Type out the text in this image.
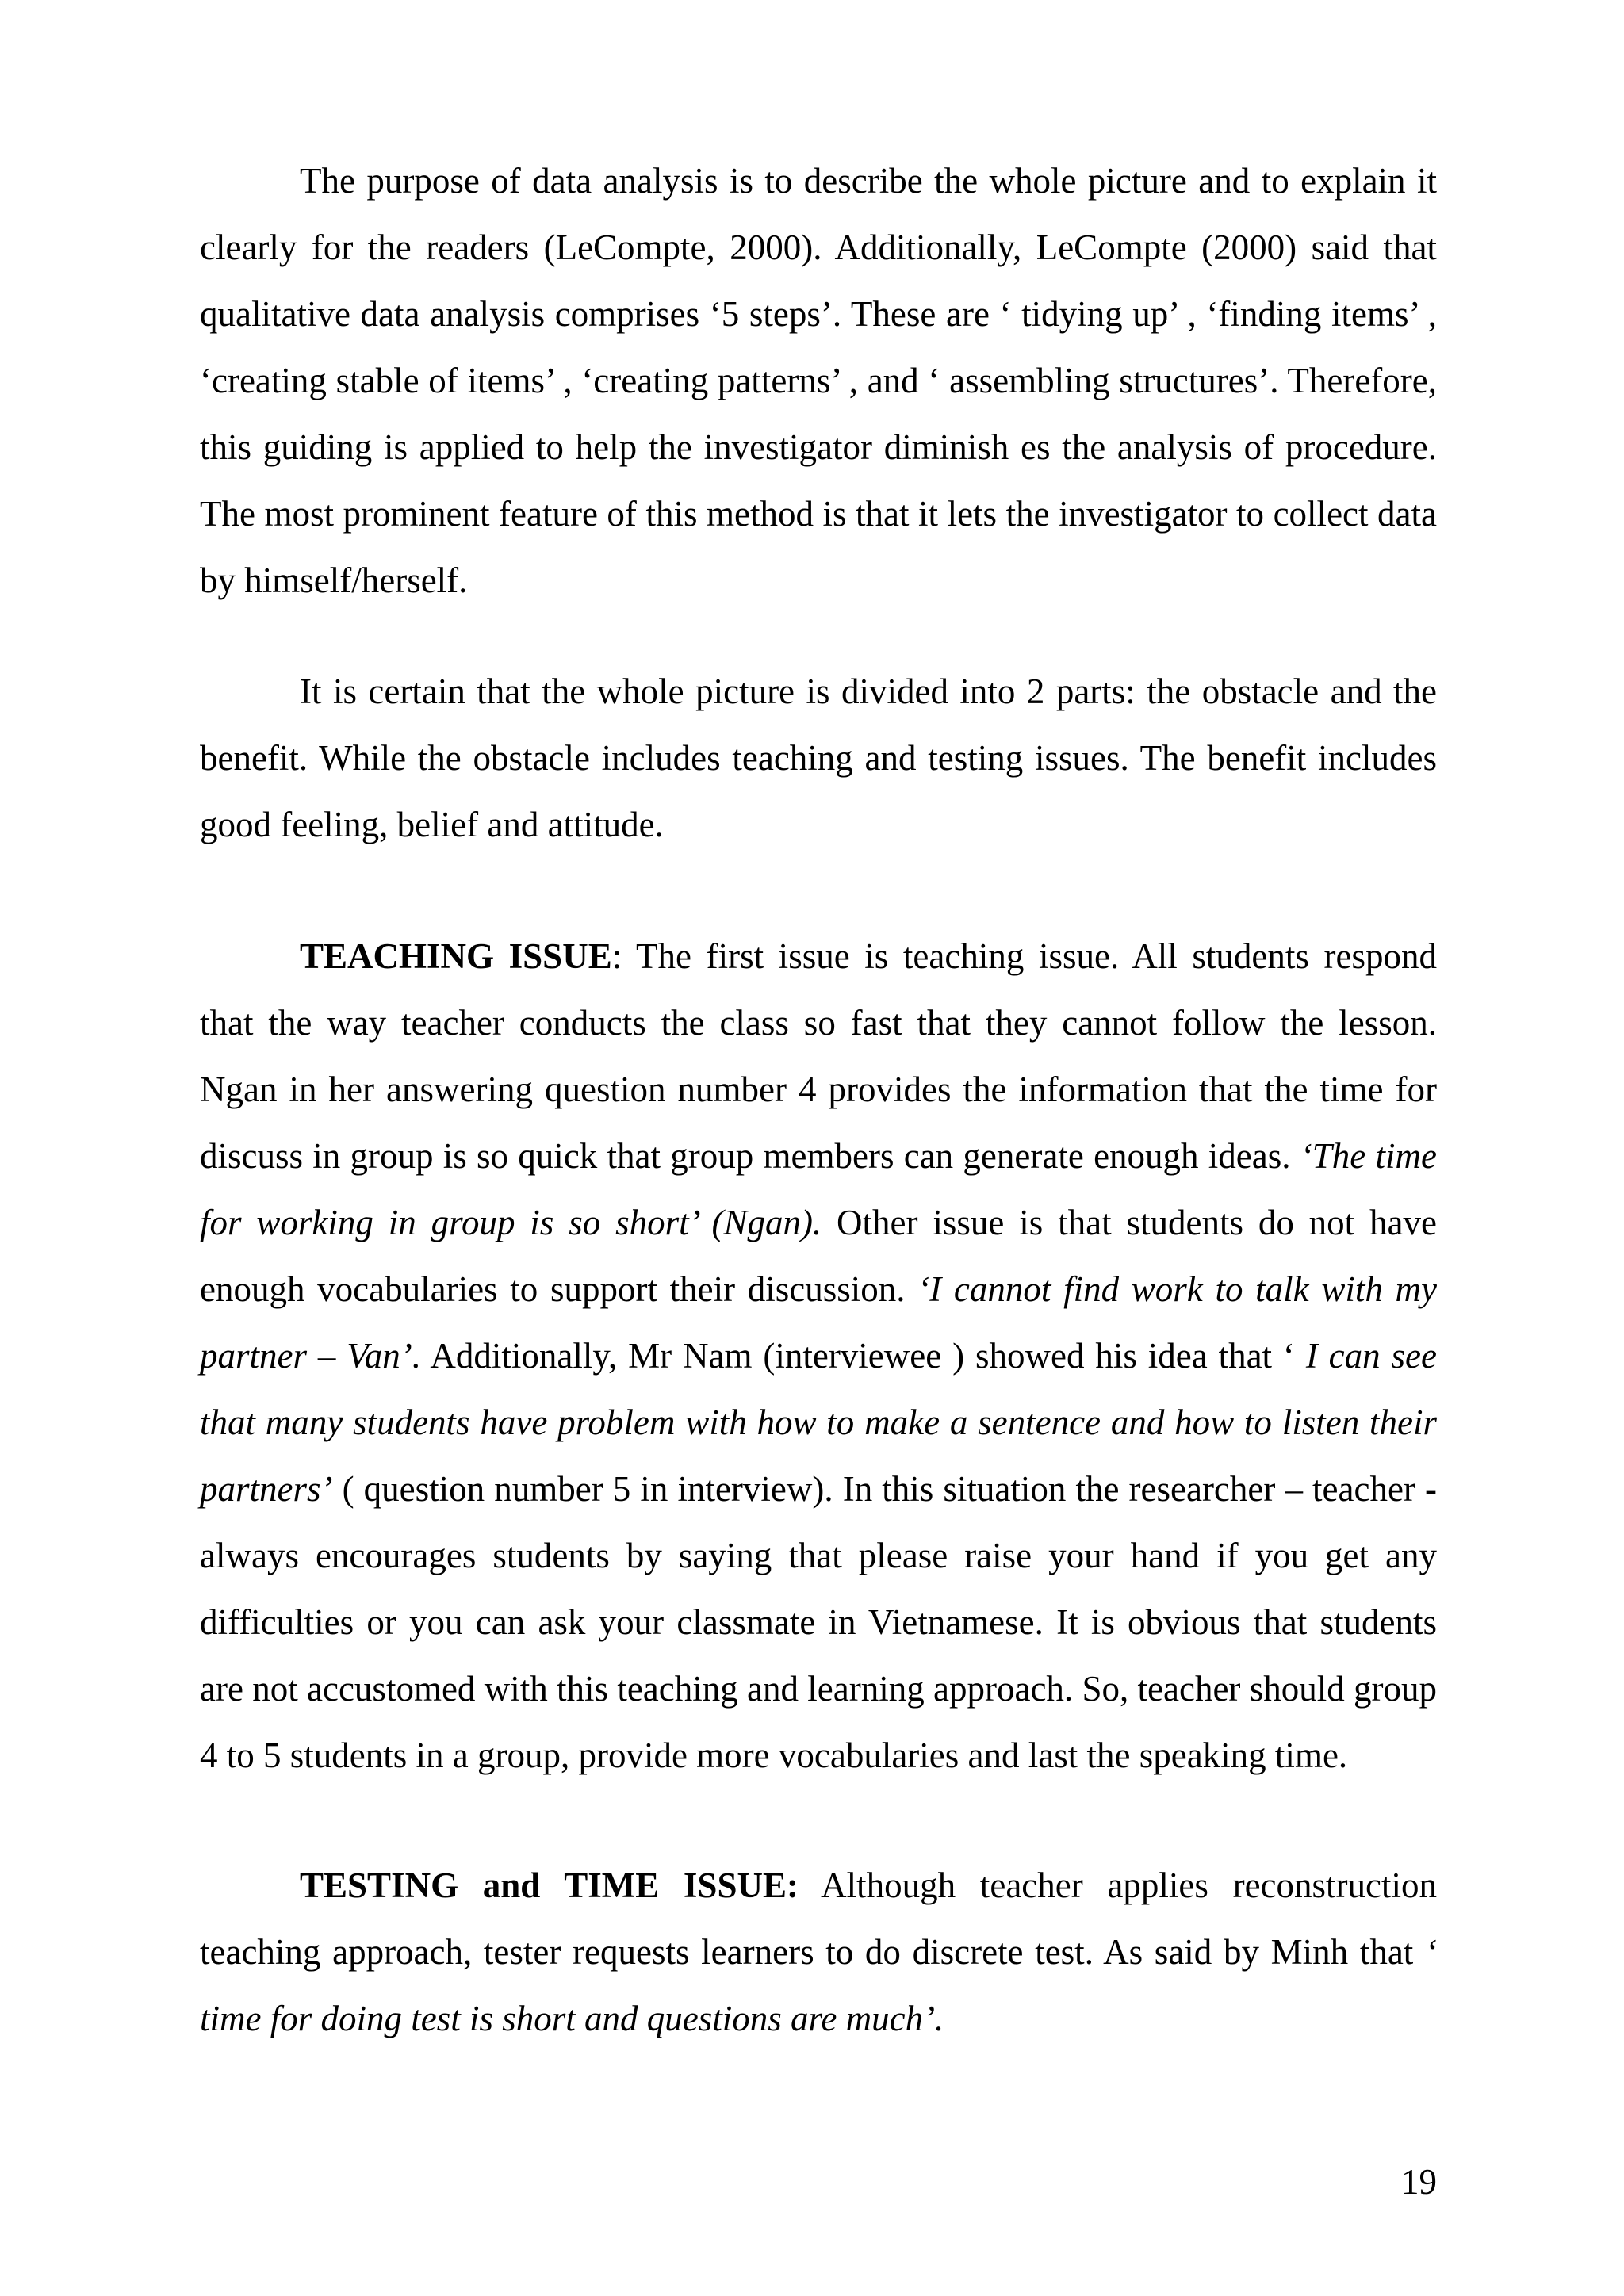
The purpose of data analysis is to describe the whole picture and to explain it clearly for the readers (LeCompte, 2000). Additionally, LeCompte (2000) said that qualitative data analysis comprises ‘5 steps’. These are ‘ tidying up’ , ‘finding items’ , ‘creating stable of items’ , ‘creating patterns’ , and ‘ assembling structures’. Therefore, this guiding is applied to help the investigator diminish es the analysis of procedure. The most prominent feature of this method is that it lets the investigator to collect data by himself/herself.

It is certain that the whole picture is divided into 2 parts: the obstacle and the benefit. While the obstacle includes teaching and testing issues. The benefit includes good feeling, belief and attitude.

TEACHING ISSUE: The first issue is teaching issue. All students respond that the way teacher conducts the class so fast that they cannot follow the lesson. Ngan in her answering question number 4 provides the information that the time for discuss in group is so quick that group members can generate enough ideas. ‘The time for working in group is so short’ (Ngan). Other issue is that students do not have enough vocabularies to support their discussion. ‘I cannot find work to talk with my partner – Van’. Additionally, Mr Nam (interviewee ) showed his idea that ‘ I can see that many students have problem with how to make a sentence and how to listen their partners’ ( question number 5 in interview). In this situation the researcher – teacher - always encourages students by saying that please raise your hand if you get any difficulties or you can ask your classmate in Vietnamese. It is obvious that students are not accustomed with this teaching and learning approach. So, teacher should group 4 to 5 students in a group, provide more vocabularies and last the speaking time.

TESTING and TIME ISSUE: Although teacher applies reconstruction teaching approach, tester requests learners to do discrete test. As said by Minh that ‘ time for doing test is short and questions are much’.

19
